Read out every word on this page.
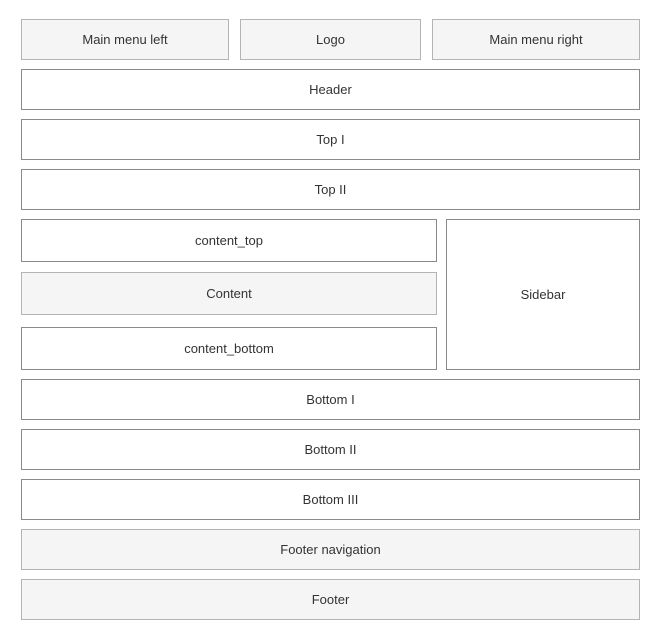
Main menu left	Logo	Main menu right
Header
Top I
Top II
content_top
Content
content_bottom
Sidebar
Bottom I
Bottom II
Bottom III
Footer navigation
Footer
